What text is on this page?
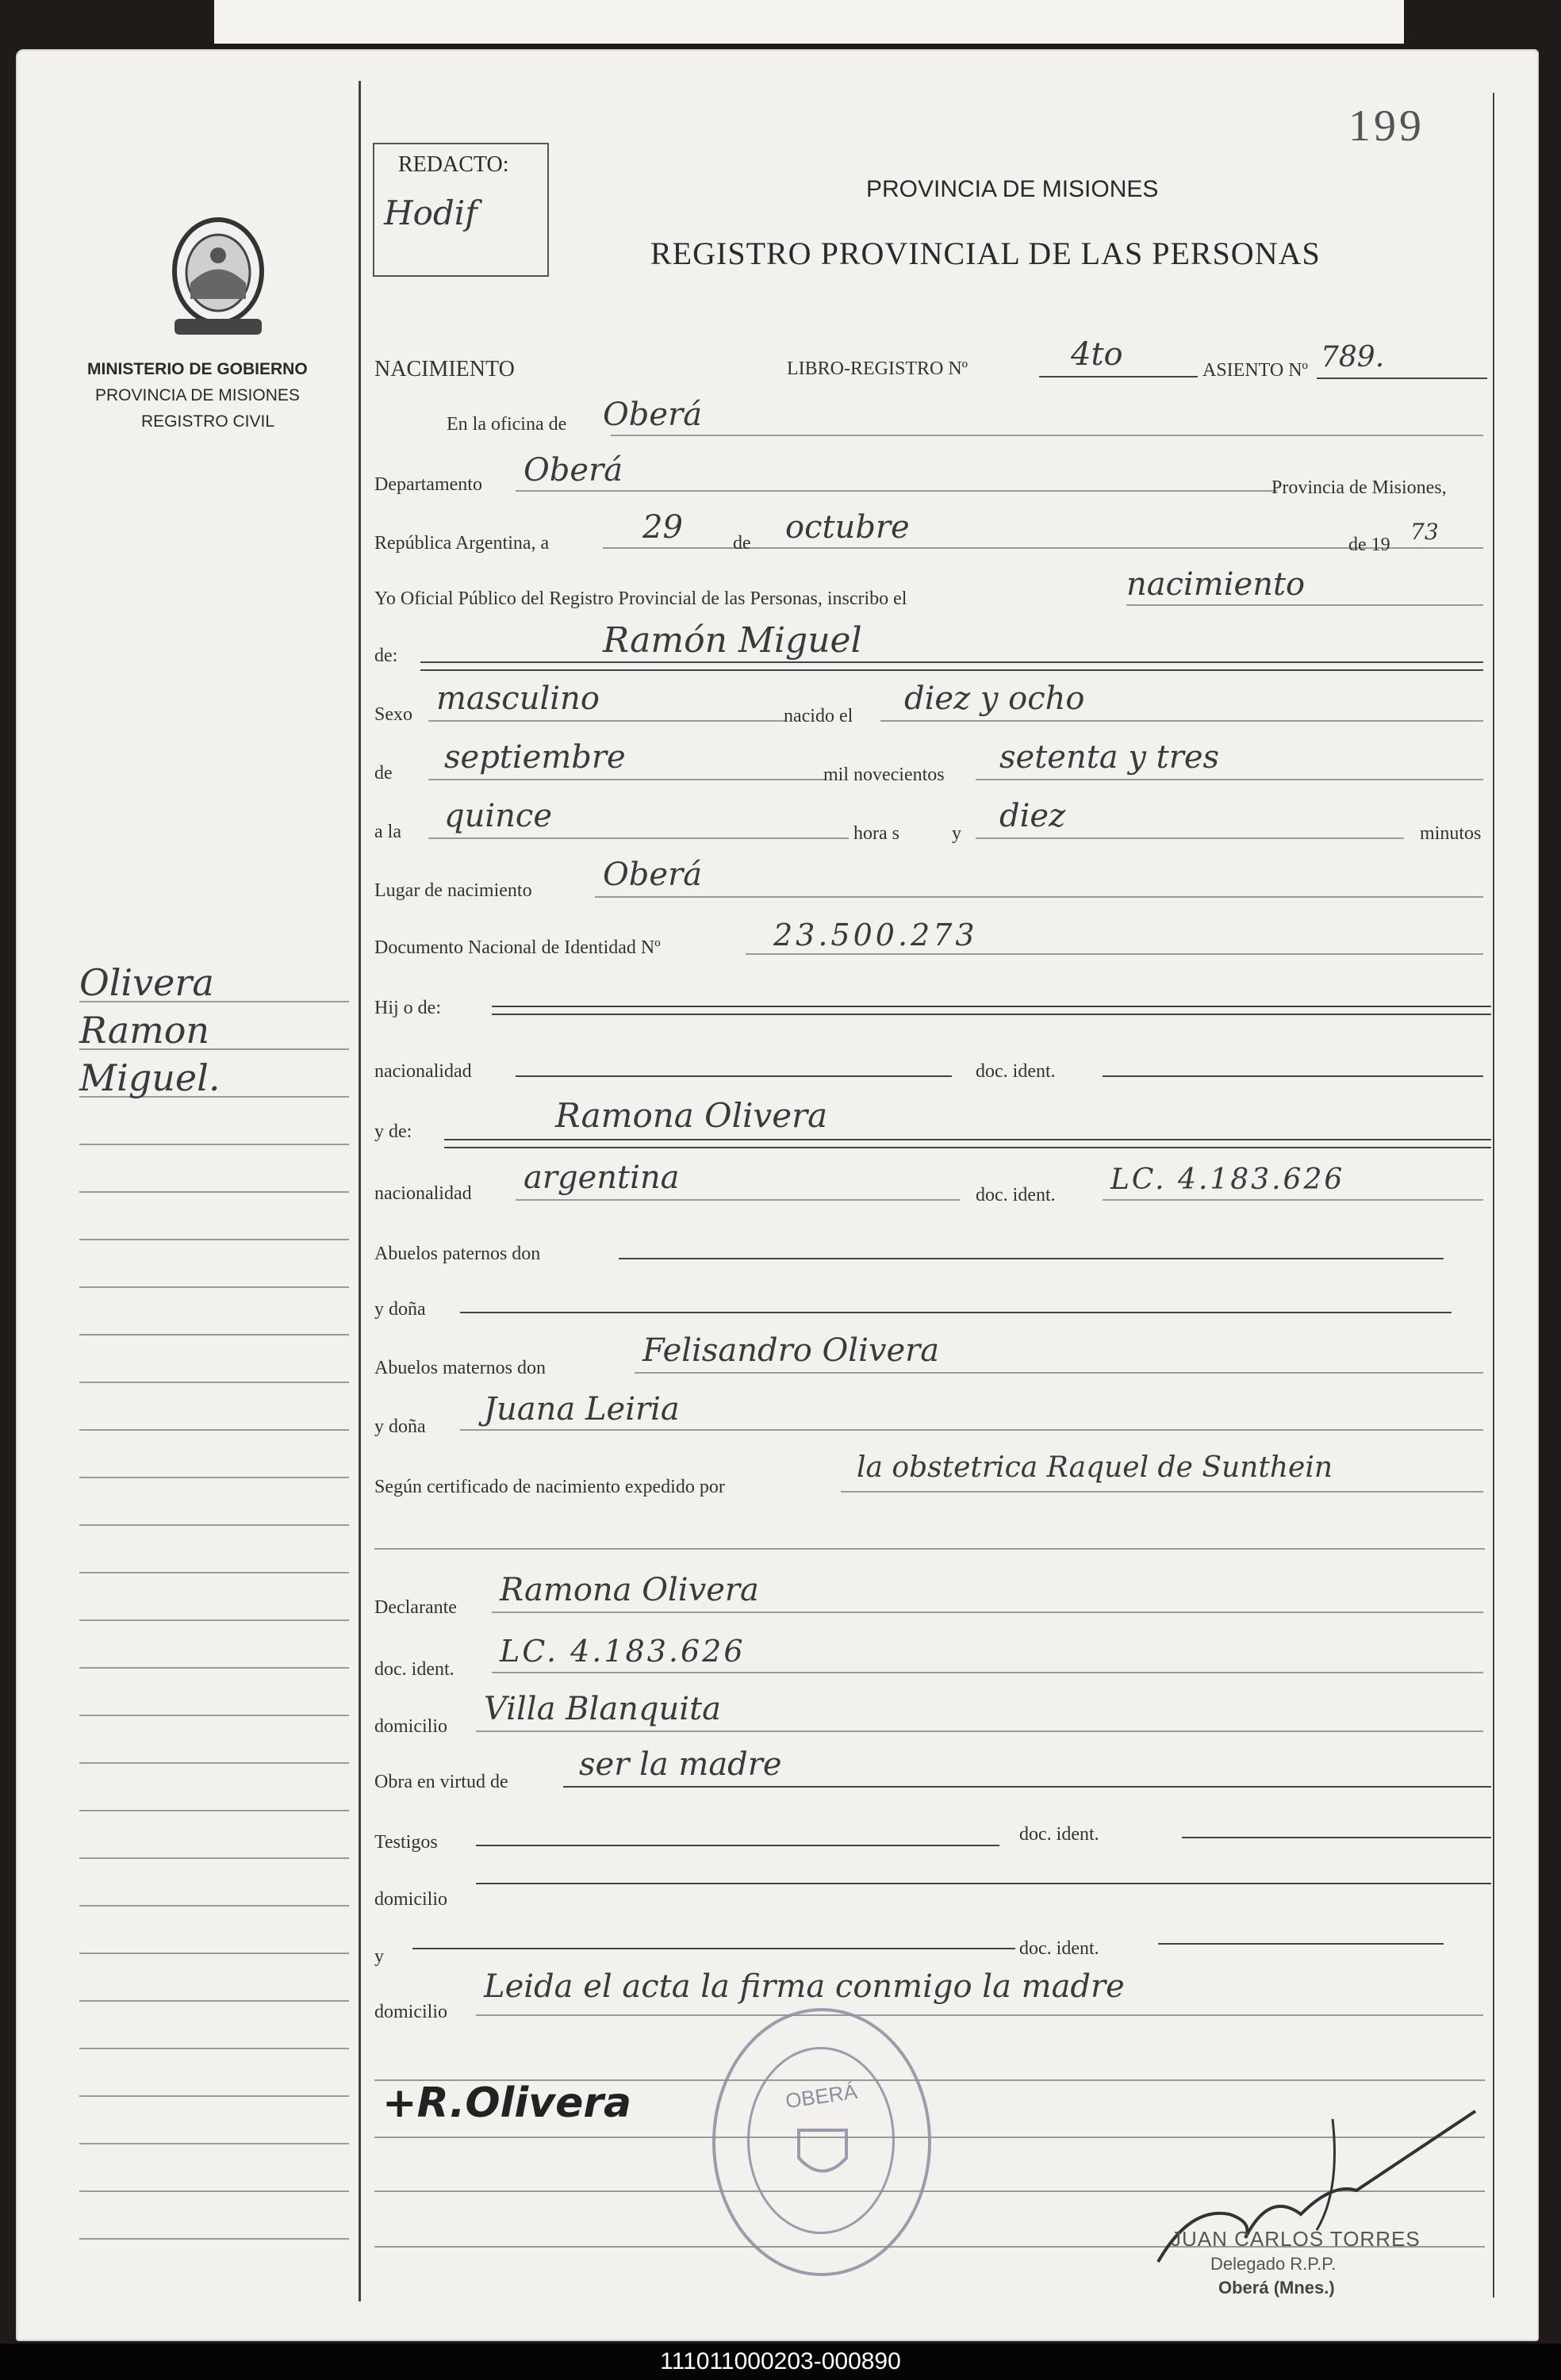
199
REDACTO:
Hodif
PROVINCIA DE MISIONES
REGISTRO PROVINCIAL DE LAS PERSONAS
MINISTERIO DE GOBIERNO
PROVINCIA DE MISIONES
REGISTRO CIVIL
Olivera
Ramon
Miguel.
NACIMIENTO	LIBRO-REGISTRO Nº	4to	ASIENTO Nº 789.
En la oficina de Oberá
Departamento Oberá	Provincia de Misiones,
República Argentina, a	29	de octubre	de 19 73
Yo Oficial Público del Registro Provincial de las Personas, inscribo el	nacimiento
de:	Ramón Miguel
Sexo masculino	nacido el diez y ocho
de septiembre	mil novecientos setenta y tres
a la quince	hora s	y diez	minutos
Lugar de nacimiento Oberá
Documento Nacional de Identidad Nº	23.500.273
Hij o de:
nacionalidad	doc. ident.
y de:	Ramona Olivera
nacionalidad argentina	doc. ident. LC. 4.183.626
Abuelos paternos don
y doña
Abuelos maternos don	Felisandro Olivera
y doña Juana Leiria
Según certificado de nacimiento expedido por
la obstetrica Raquel de Sunthein
Declarante Ramona Olivera
doc. ident.
LC. 4.183.626
domicilio Villa Blanquita
Obra en virtud de ser la madre
Testigos	doc. ident.
domicilio
y	doc. ident.
domicilio
Leida el acta la firma conmigo la madre
+R.Olivera	OBERÁ
JUAN CARLOS TORRES
Delegado R.P.P.
Oberá (Mnes.)
111011000203-000890
